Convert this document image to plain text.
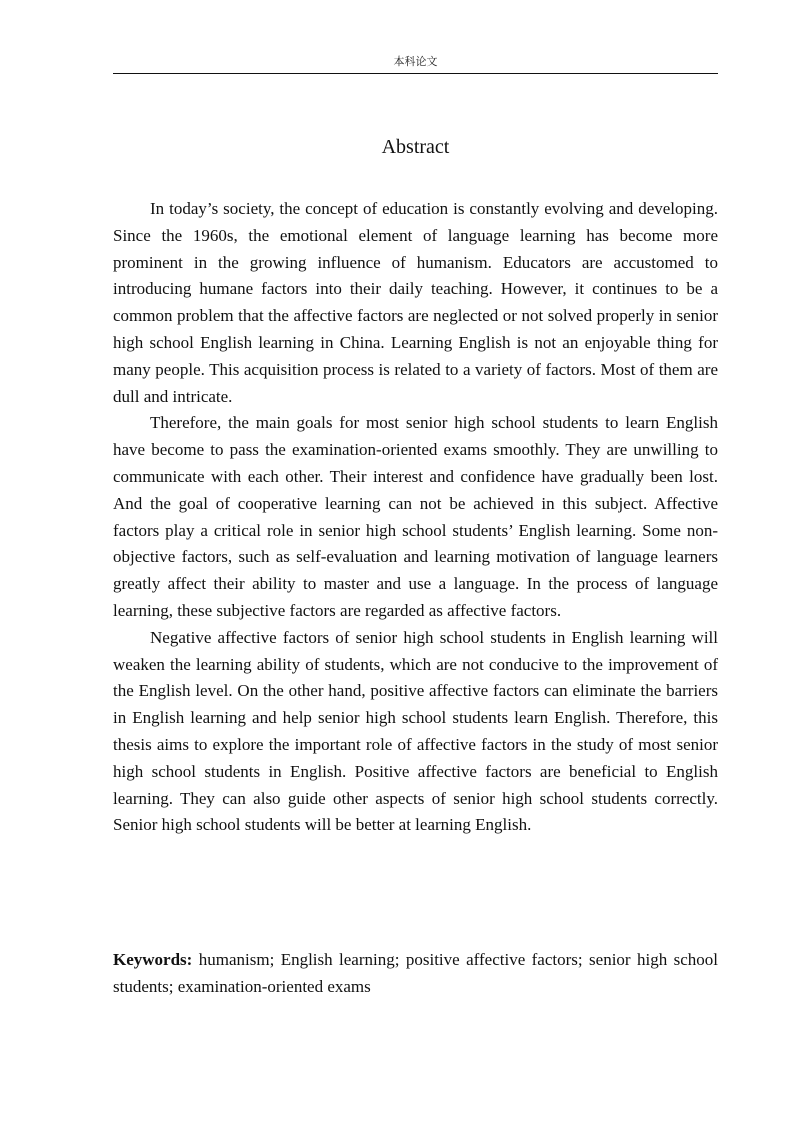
本科论文
Abstract

In today’s society, the concept of education is constantly evolving and developing. Since the 1960s, the emotional element of language learning has become more prominent in the growing influence of humanism. Educators are accustomed to introducing humane factors into their daily teaching. However, it continues to be a common problem that the affective factors are neglected or not solved properly in senior high school English learning in China. Learning English is not an enjoyable thing for many people. This acquisition process is related to a variety of factors. Most of them are dull and intricate.

Therefore, the main goals for most senior high school students to learn English have become to pass the examination-oriented exams smoothly. They are unwilling to communicate with each other. Their interest and confidence have gradually been lost. And the goal of cooperative learning can not be achieved in this subject. Affective factors play a critical role in senior high school students’ English learning. Some non-objective factors, such as self-evaluation and learning motivation of language learners greatly affect their ability to master and use a language. In the process of language learning, these subjective factors are regarded as affective factors.

Negative affective factors of senior high school students in English learning will weaken the learning ability of students, which are not conducive to the improvement of the English level. On the other hand, positive affective factors can eliminate the barriers in English learning and help senior high school students learn English. Therefore, this thesis aims to explore the important role of affective factors in the study of most senior high school students in English. Positive affective factors are beneficial to English learning. They can also guide other aspects of senior high school students correctly. Senior high school students will be better at learning English.

Keywords: humanism; English learning; positive affective factors; senior high school students; examination-oriented exams
